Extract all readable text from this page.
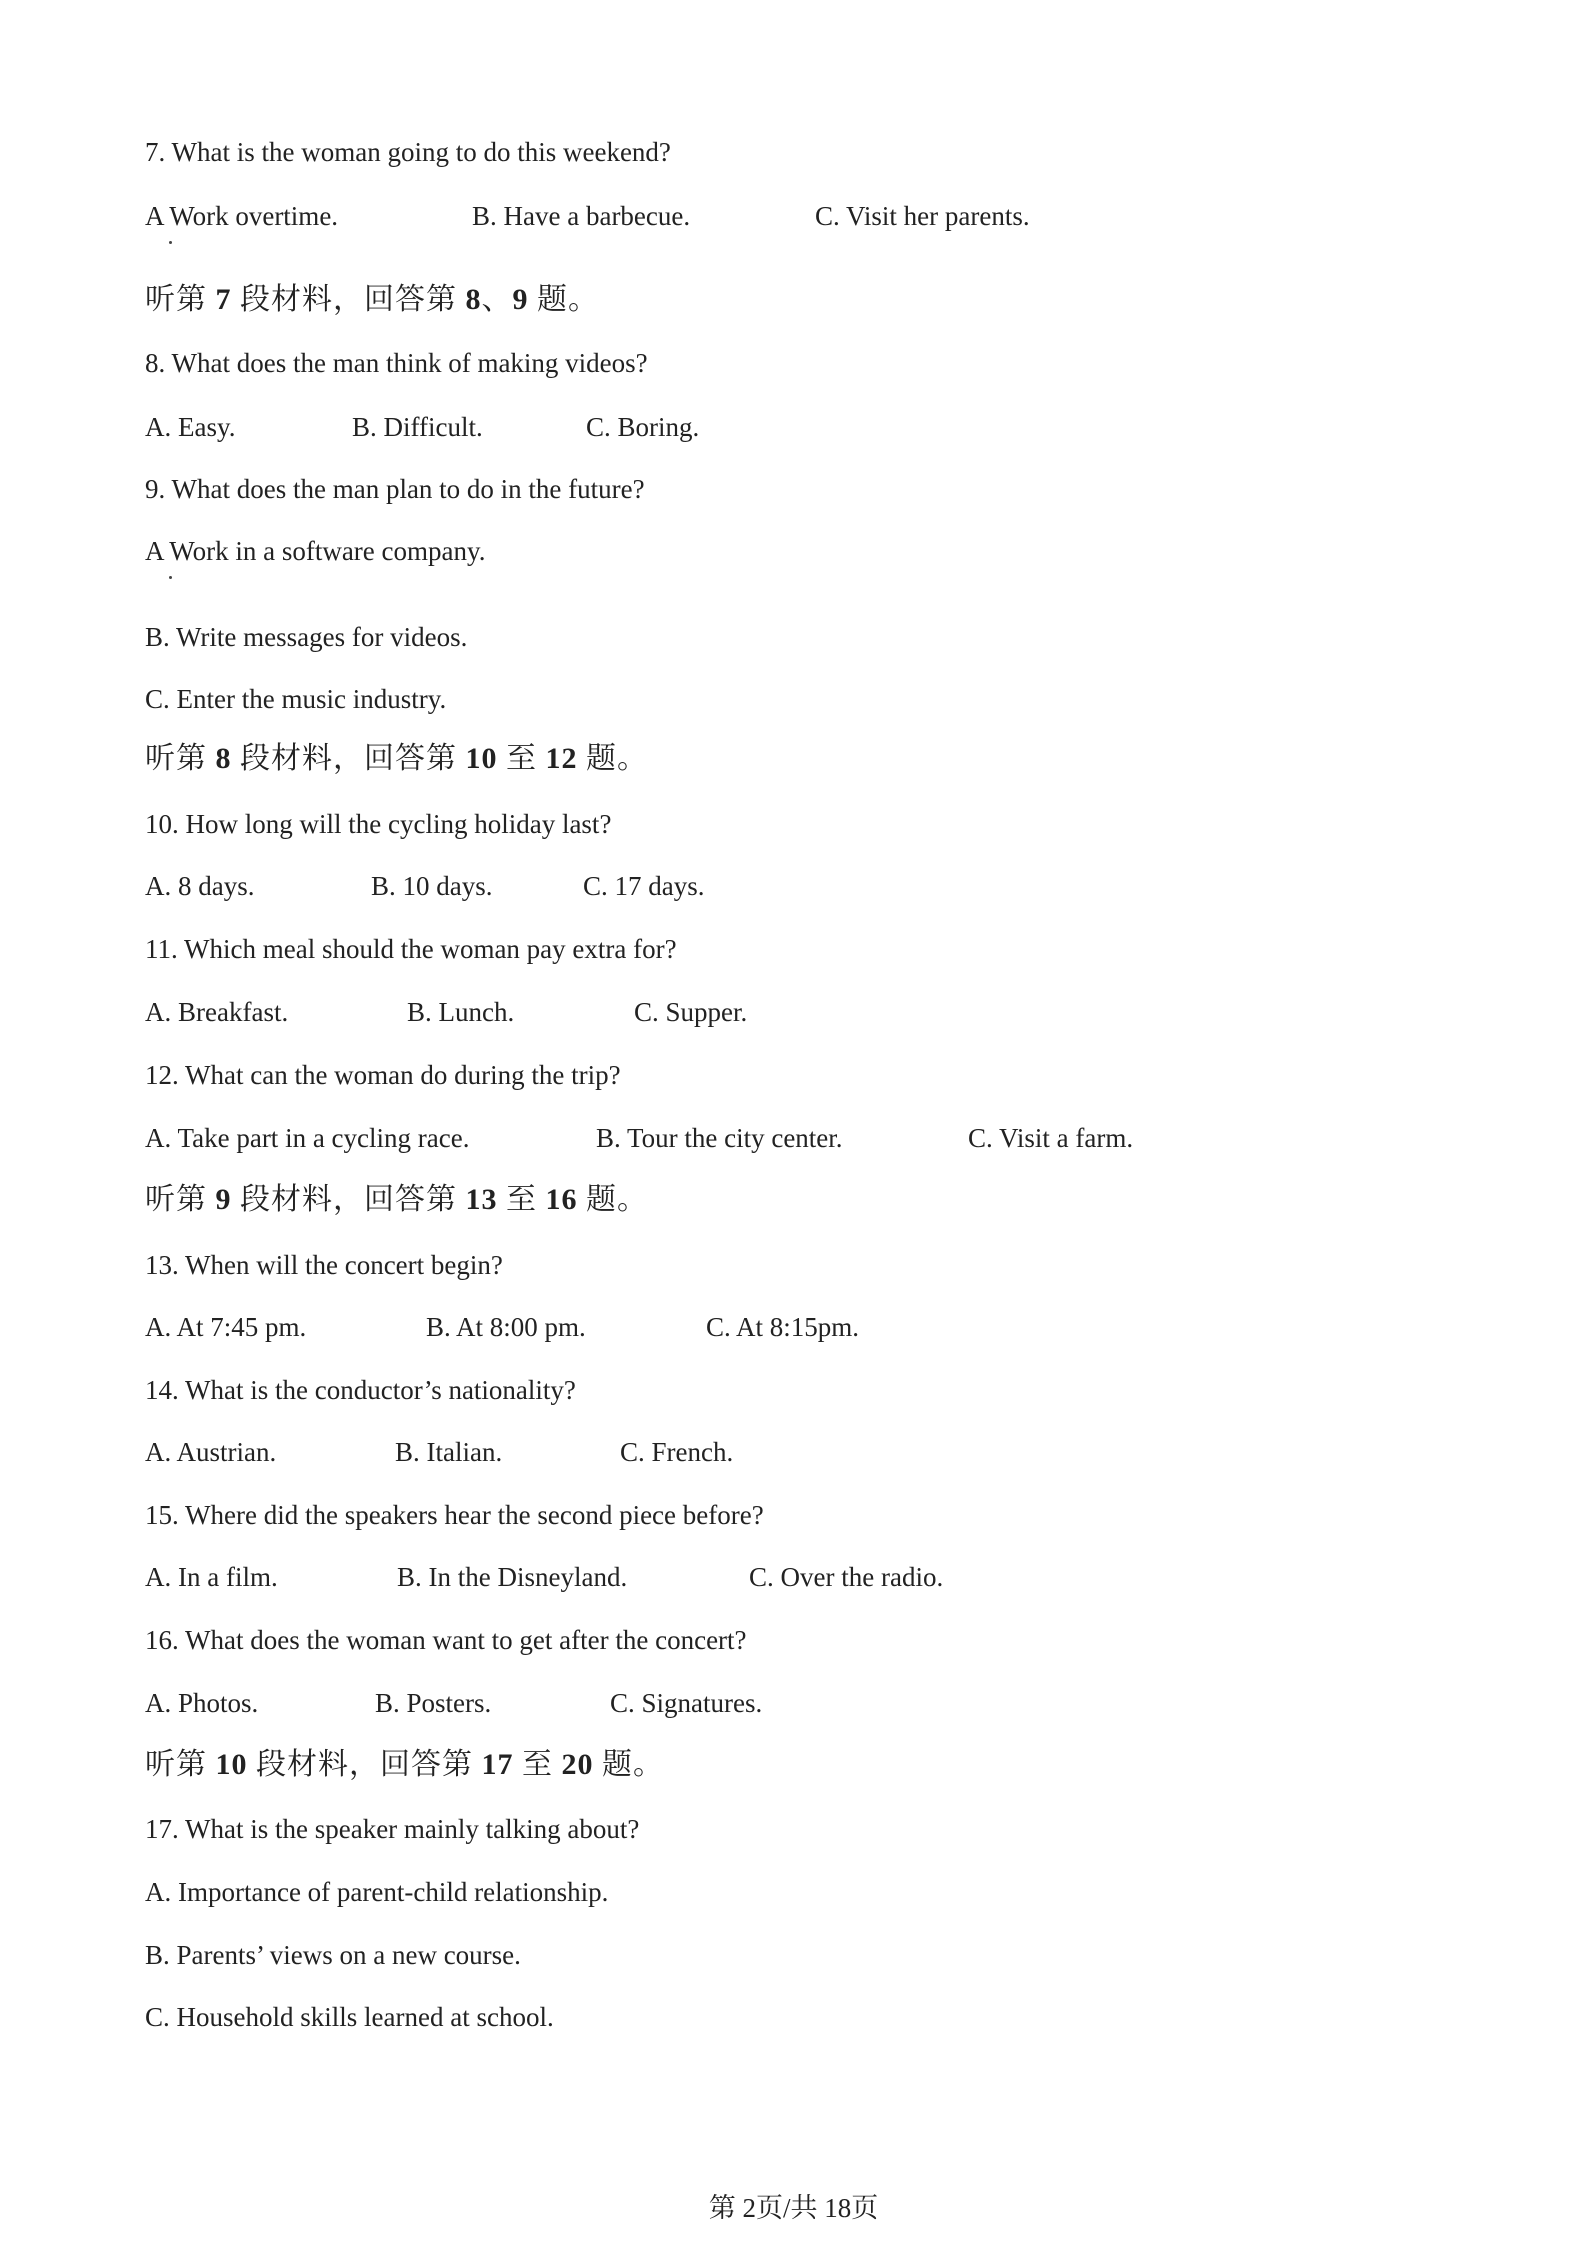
7. What is the woman going to do this weekend?
A Work overtime.	B. Have a barbecue.	C. Visit her parents.
听第 7 段材料，回答第 8、9 题。
8. What does the man think of making videos?
A. Easy.	B. Difficult.	C. Boring.
9. What does the man plan to do in the future?
A Work in a software company.
B. Write messages for videos.
C. Enter the music industry.
听第 8 段材料，回答第 10 至 12 题。
10. How long will the cycling holiday last?
A. 8 days.	B. 10 days.	C. 17 days.
11. Which meal should the woman pay extra for?
A. Breakfast.	B. Lunch.	C. Supper.
12. What can the woman do during the trip?
A. Take part in a cycling race.	B. Tour the city center.	C. Visit a farm.
听第 9 段材料，回答第 13 至 16 题。
13. When will the concert begin?
A. At 7:45 pm.	B. At 8:00 pm.	C. At 8:15pm.
14. What is the conductor’s nationality?
A. Austrian.	B. Italian.	C. French.
15. Where did the speakers hear the second piece before?
A. In a film.	B. In the Disneyland.	C. Over the radio.
16. What does the woman want to get after the concert?
A. Photos.	B. Posters.	C. Signatures.
听第 10 段材料，回答第 17 至 20 题。
17. What is the speaker mainly talking about?
A. Importance of parent-child relationship.
B. Parents’ views on a new course.
C. Household skills learned at school.
第 2页/共 18页
